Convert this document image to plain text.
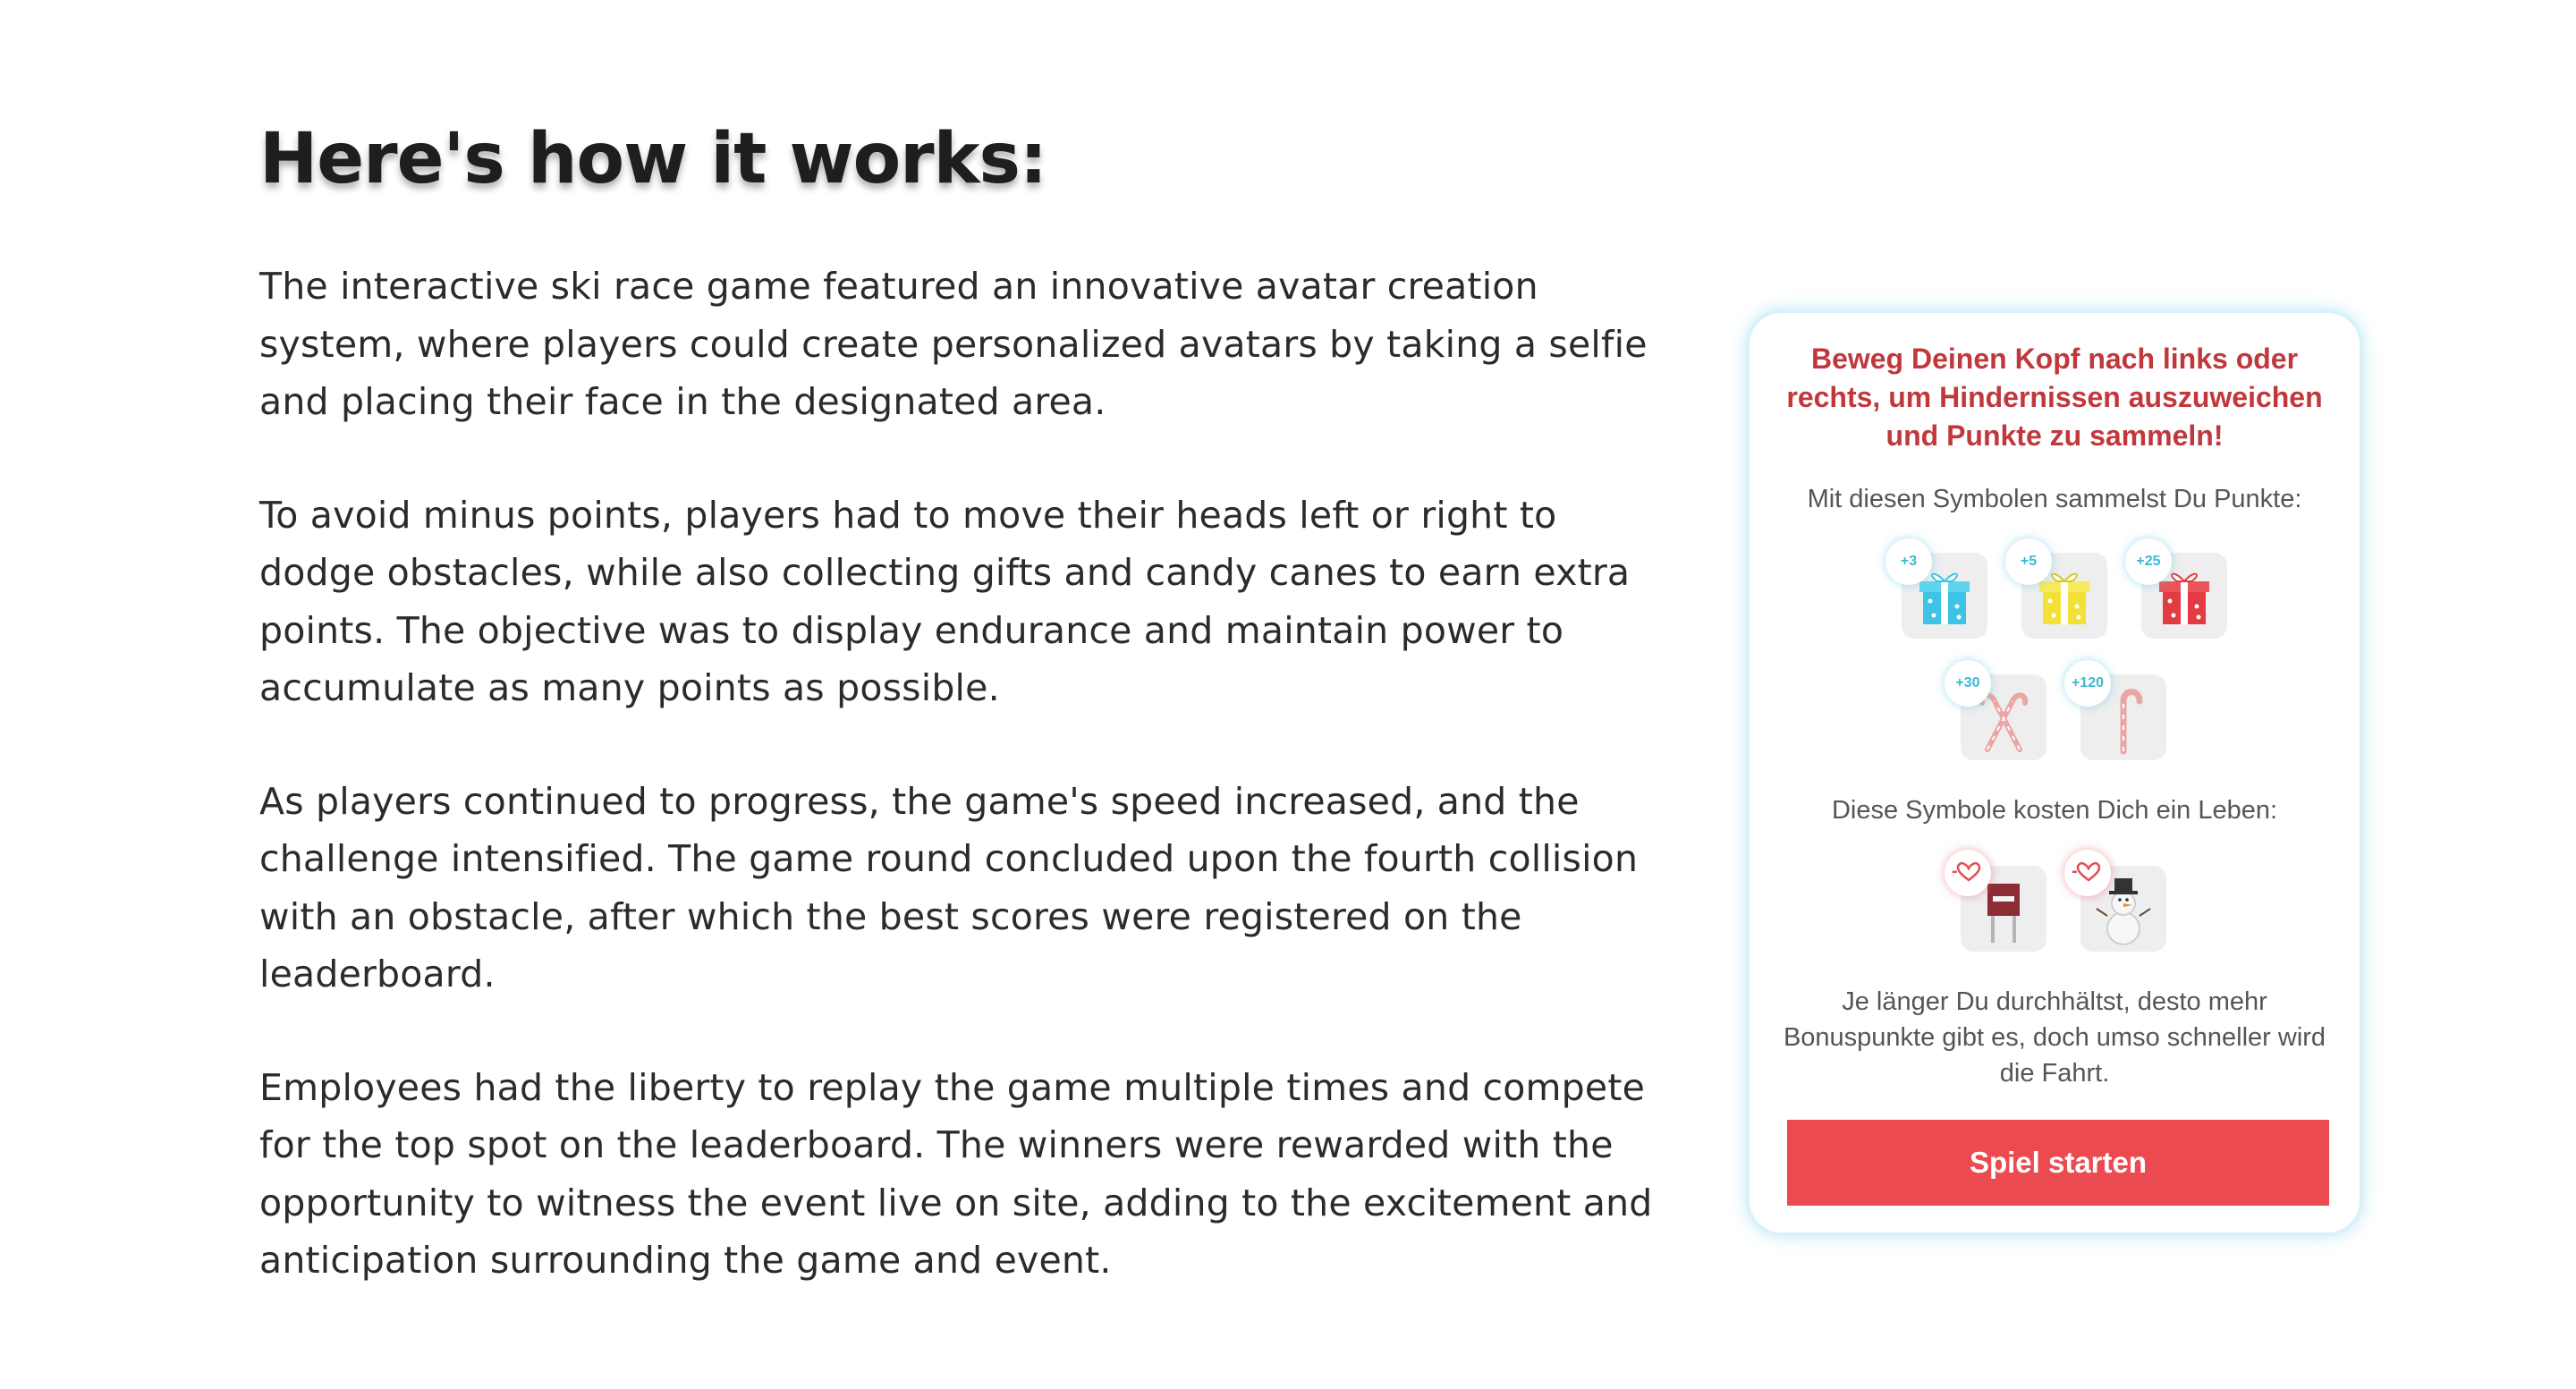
Here's how it works:

The interactive ski race game featured an innovative avatar creation system, where players could create personalized avatars by taking a selfie and placing their face in the designated area.

To avoid minus points, players had to move their heads left or right to dodge obstacles, while also collecting gifts and candy canes to earn extra points. The objective was to display endurance and maintain power to accumulate as many points as possible.

As players continued to progress, the game's speed increased, and the challenge intensified. The game round concluded upon the fourth collision with an obstacle, after which the best scores were registered on the leaderboard.

Employees had the liberty to replay the game multiple times and compete for the top spot on the leaderboard. The winners were rewarded with the opportunity to witness the event live on site, adding to the excitement and anticipation surrounding the game and event.

Beweg Deinen Kopf nach links oder rechts, um Hindernissen auszuweichen und Punkte zu sammeln!
Mit diesen Symbolen sammelst Du Punkte:
+3	+5	+25
+30	+120
Diese Symbole kosten Dich ein Leben:
-	-
Je länger Du durchhältst, desto mehr Bonuspunkte gibt es, doch umso schneller wird die Fahrt.
Spiel starten
